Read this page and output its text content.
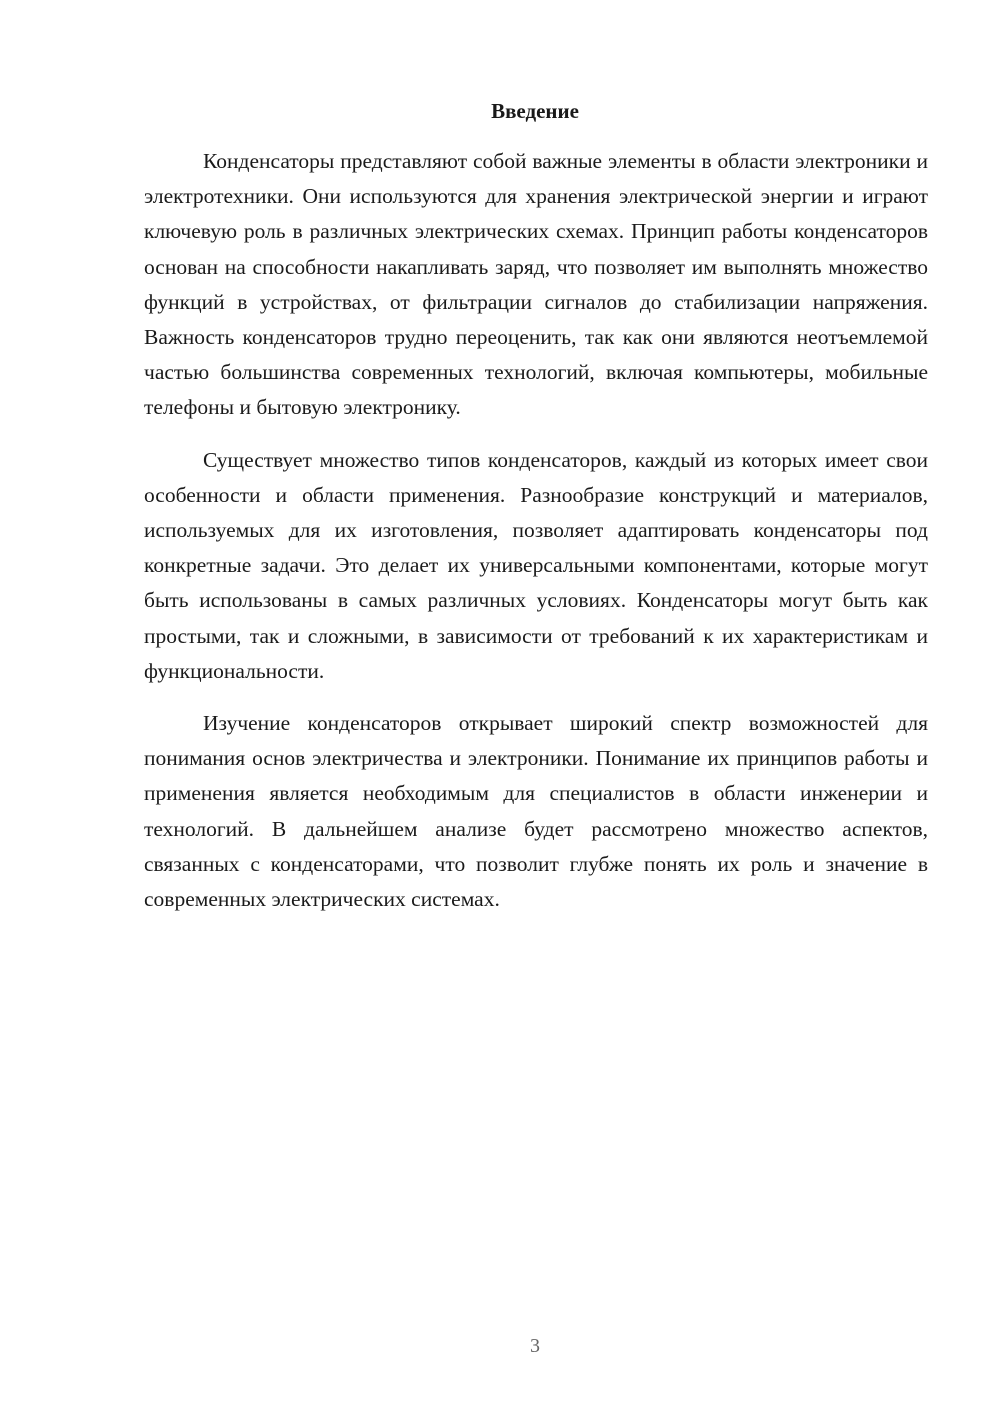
Введение

Конденсаторы представляют собой важные элементы в области электроники и электротехники. Они используются для хранения электрической энергии и играют ключевую роль в различных электрических схемах. Принцип работы конденсаторов основан на способности накапливать заряд, что позволяет им выполнять множество функций в устройствах, от фильтрации сигналов до стабилизации напряжения. Важность конденсаторов трудно переоценить, так как они являются неотъемлемой частью большинства современных технологий, включая компьютеры, мобильные телефоны и бытовую электронику.

Существует множество типов конденсаторов, каждый из которых имеет свои особенности и области применения. Разнообразие конструкций и материалов, используемых для их изготовления, позволяет адаптировать конденсаторы под конкретные задачи. Это делает их универсальными компонентами, которые могут быть использованы в самых различных условиях. Конденсаторы могут быть как простыми, так и сложными, в зависимости от требований к их характеристикам и функциональности.

Изучение конденсаторов открывает широкий спектр возможностей для понимания основ электричества и электроники. Понимание их принципов работы и применения является необходимым для специалистов в области инженерии и технологий. В дальнейшем анализе будет рассмотрено множество аспектов, связанных с конденсаторами, что позволит глубже понять их роль и значение в современных электрических системах.

3
